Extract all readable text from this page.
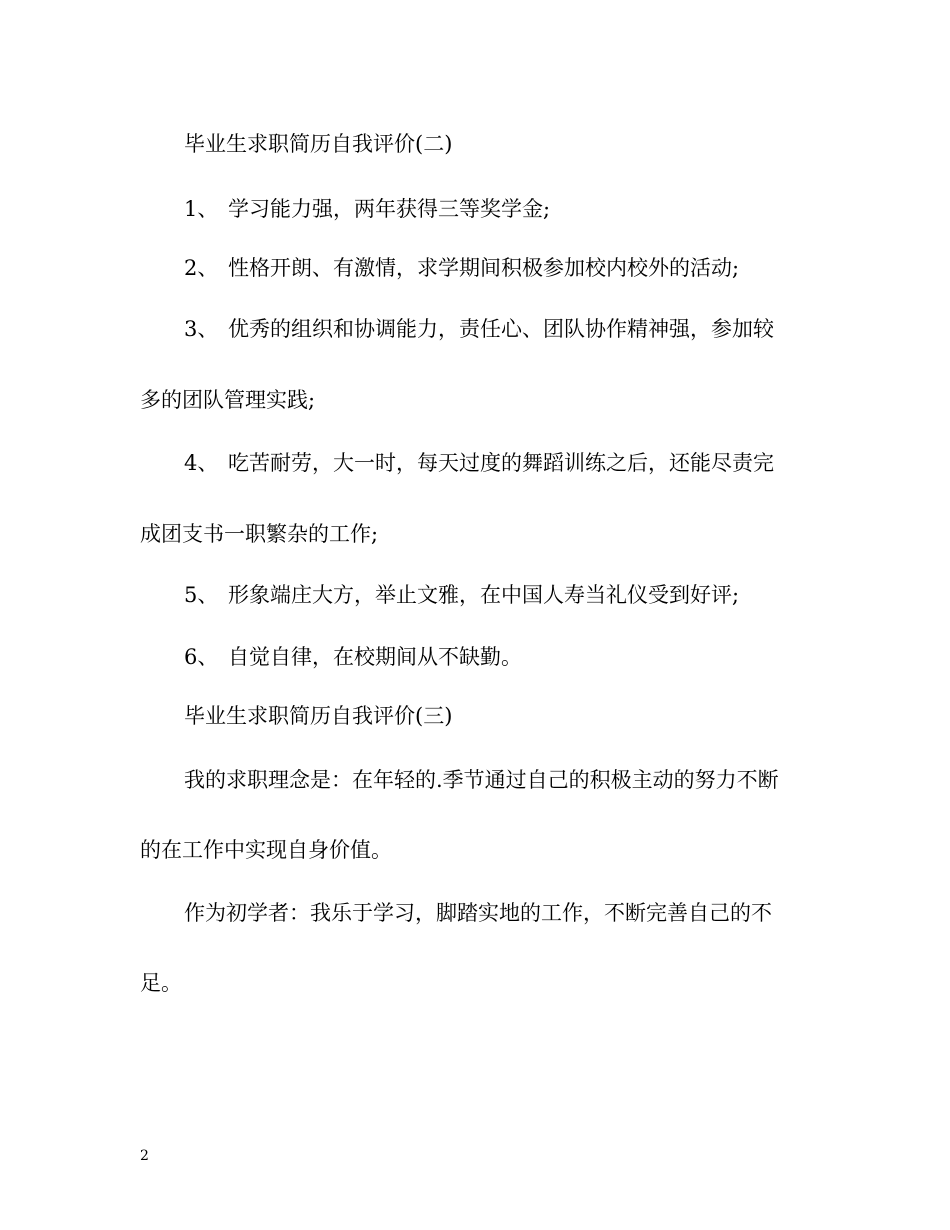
毕业生求职简历自我评价(二)
1、 学习能力强，两年获得三等奖学金;
2、 性格开朗、有激情，求学期间积极参加校内校外的活动;
3、 优秀的组织和协调能力，责任心、团队协作精神强，参加较
多的团队管理实践;
4、 吃苦耐劳，大一时，每天过度的舞蹈训练之后，还能尽责完
成团支书一职繁杂的工作;
5、 形象端庄大方，举止文雅，在中国人寿当礼仪受到好评;
6、 自觉自律，在校期间从不缺勤。
毕业生求职简历自我评价(三)
我的求职理念是：在年轻的.季节通过自己的积极主动的努力不断
的在工作中实现自身价值。
作为初学者：我乐于学习，脚踏实地的工作，不断完善自己的不
足。
2
